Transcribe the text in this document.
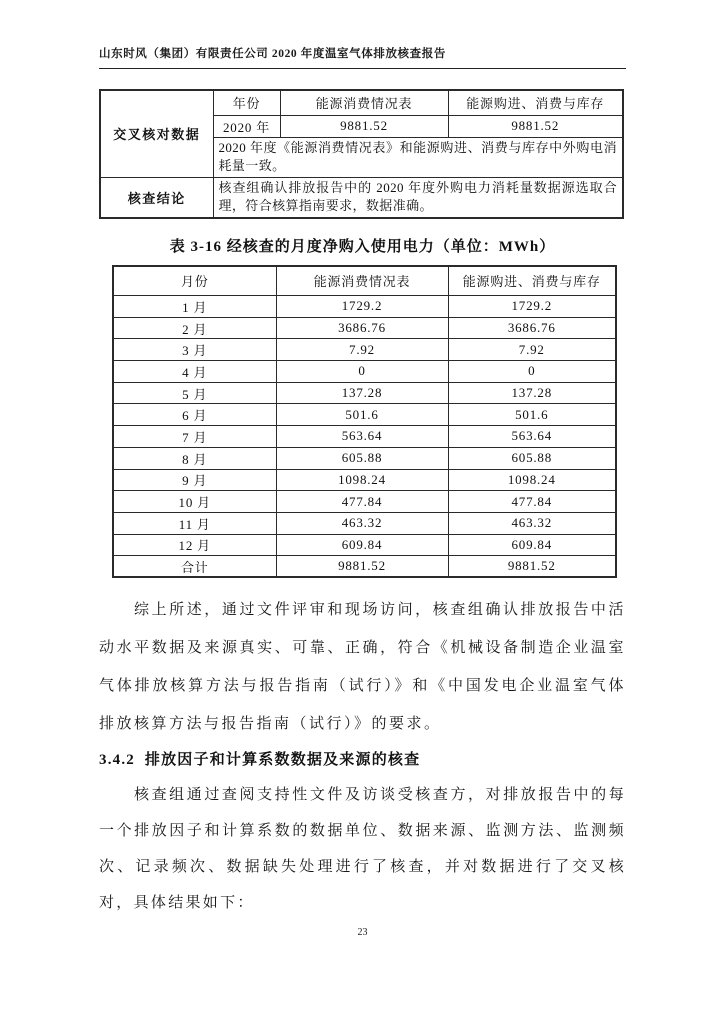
山东时风（集团）有限责任公司 2020 年度温室气体排放核查报告
交叉核对数据	年份	能源消费情况表	能源购进、消费与库存
	2020 年	9881.52	9881.52
	2020 年度《能源消费情况表》和能源购进、消费与库存中外购电消耗量一致。		
核查结论	核查组确认排放报告中的 2020 年度外购电力消耗量数据源选取合理，符合核算指南要求，数据准确。		
表 3-16 经核查的月度净购入使用电力（单位：MWh）
月份	能源消费情况表	能源购进、消费与库存
1 月	1729.2	1729.2
2 月	3686.76	3686.76
3 月	7.92	7.92
4 月	0	0
5 月	137.28	137.28
6 月	501.6	501.6
7 月	563.64	563.64
8 月	605.88	605.88
9 月	1098.24	1098.24
10 月	477.84	477.84
11 月	463.32	463.32
12 月	609.84	609.84
合计	9881.52	9881.52
综上所述，通过文件评审和现场访问，核查组确认排放报告中活动水平数据及来源真实、可靠、正确，符合《机械设备制造企业温室气体排放核算方法与报告指南（试行）》和《中国发电企业温室气体排放核算方法与报告指南（试行）》的要求。
3.4.2  排放因子和计算系数数据及来源的核查
核查组通过查阅支持性文件及访谈受核查方，对排放报告中的每一个排放因子和计算系数的数据单位、数据来源、监测方法、监测频次、记录频次、数据缺失处理进行了核查，并对数据进行了交叉核对，具体结果如下：
23
